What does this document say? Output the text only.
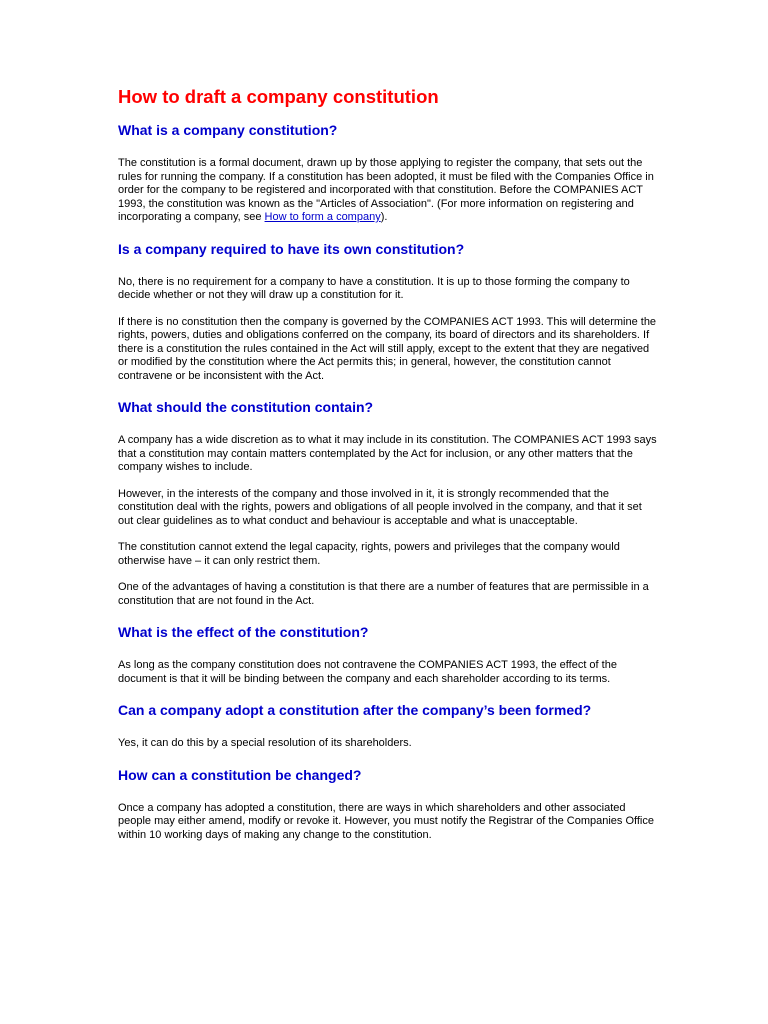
How to draft a company constitution
What is a company constitution?

The constitution is a formal document, drawn up by those applying to register the company, that sets out the rules for running the company. If a constitution has been adopted, it must be filed with the Companies Office in order for the company to be registered and incorporated with that constitution. Before the COMPANIES ACT 1993, the constitution was known as the "Articles of Association". (For more information on registering and incorporating a company, see How to form a company).

Is a company required to have its own constitution?

No, there is no requirement for a company to have a constitution. It is up to those forming the company to decide whether or not they will draw up a constitution for it.

If there is no constitution then the company is governed by the COMPANIES ACT 1993. This will determine the rights, powers, duties and obligations conferred on the company, its board of directors and its shareholders. If there is a constitution the rules contained in the Act will still apply, except to the extent that they are negatived or modified by the constitution where the Act permits this; in general, however, the constitution cannot contravene or be inconsistent with the Act.

What should the constitution contain?

A company has a wide discretion as to what it may include in its constitution. The COMPANIES ACT 1993 says that a constitution may contain matters contemplated by the Act for inclusion, or any other matters that the company wishes to include.

However, in the interests of the company and those involved in it, it is strongly recommended that the constitution deal with the rights, powers and obligations of all people involved in the company, and that it set out clear guidelines as to what conduct and behaviour is acceptable and what is unacceptable.

The constitution cannot extend the legal capacity, rights, powers and privileges that the company would otherwise have – it can only restrict them.

One of the advantages of having a constitution is that there are a number of features that are permissible in a constitution that are not found in the Act.

What is the effect of the constitution?

As long as the company constitution does not contravene the COMPANIES ACT 1993, the effect of the document is that it will be binding between the company and each shareholder according to its terms.

Can a company adopt a constitution after the company’s been formed?

Yes, it can do this by a special resolution of its shareholders.

How can a constitution be changed?

Once a company has adopted a constitution, there are ways in which shareholders and other associated people may either amend, modify or revoke it. However, you must notify the Registrar of the Companies Office within 10 working days of making any change to the constitution.
